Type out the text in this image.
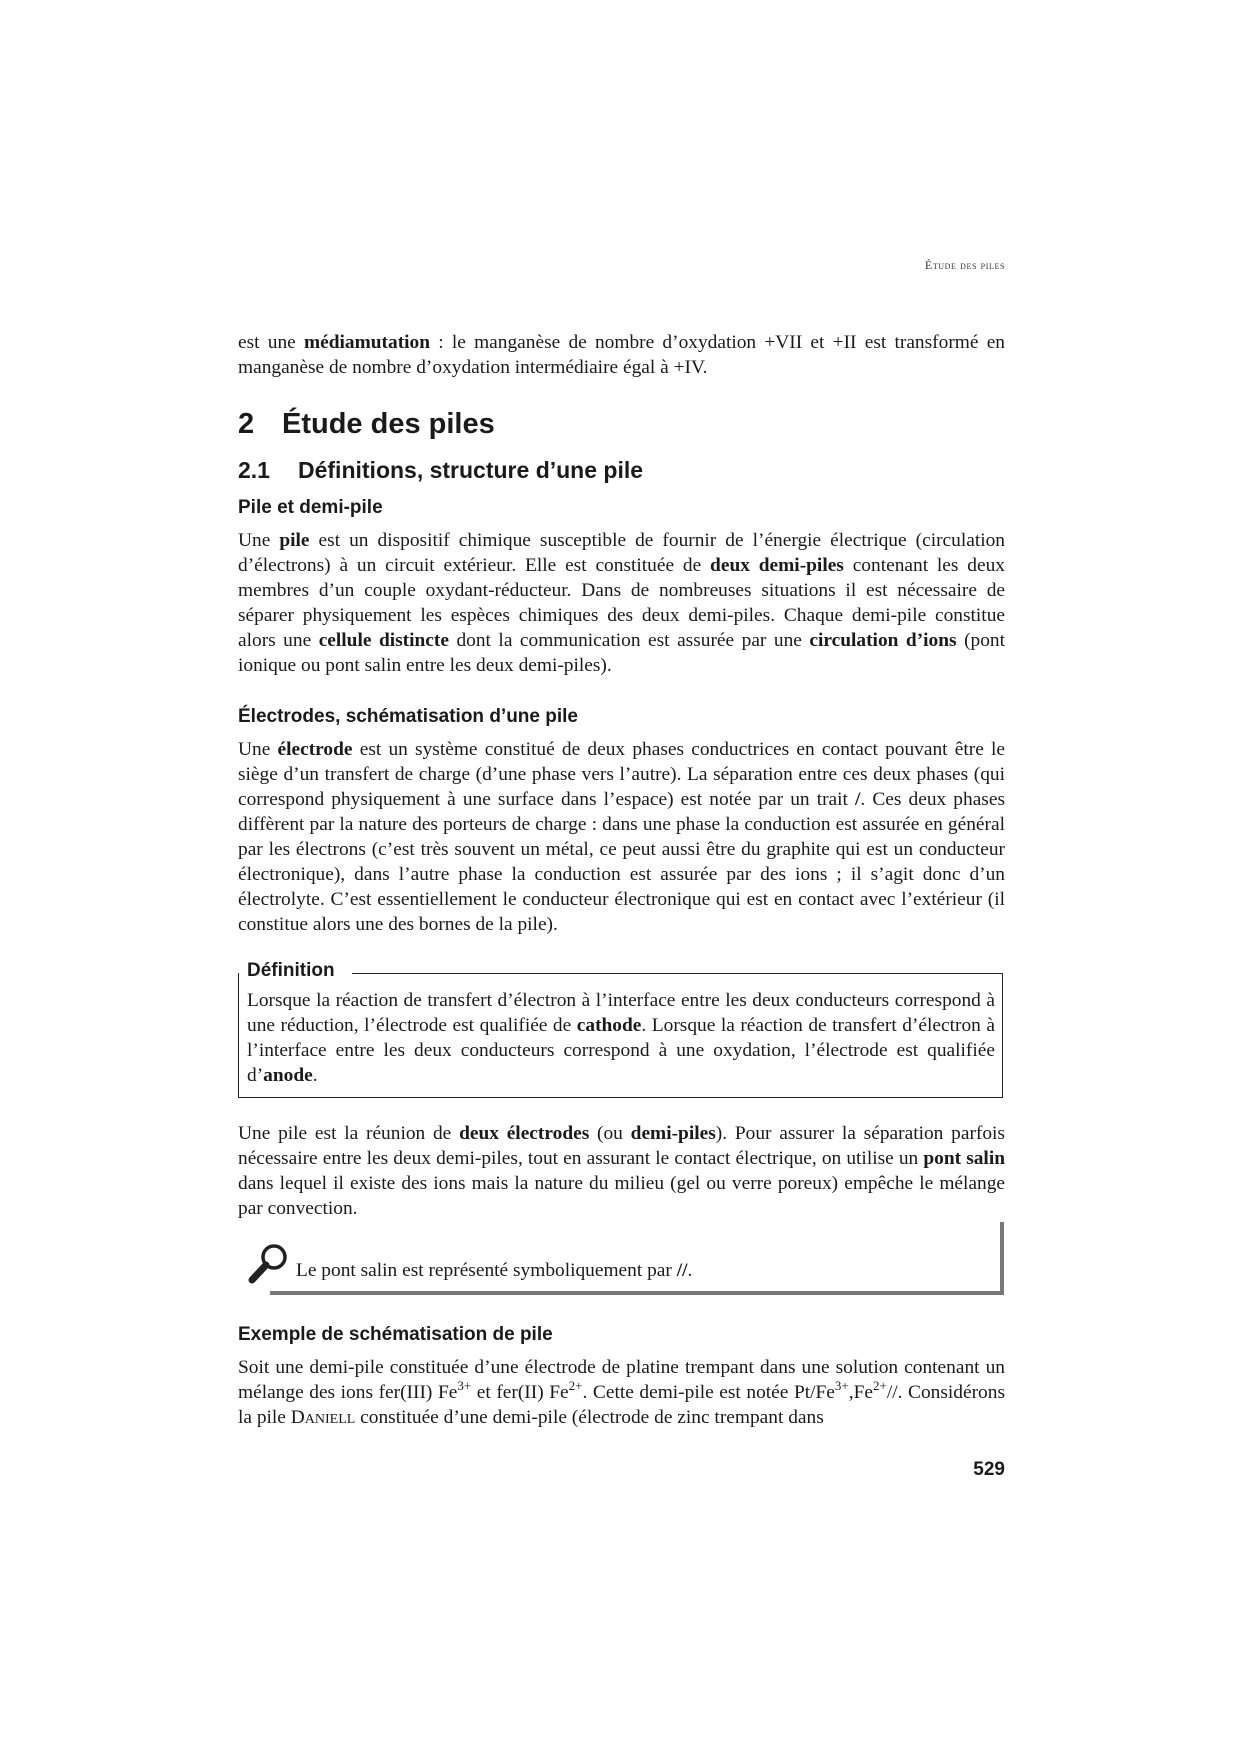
Étude des piles

est une médiamutation : le manganèse de nombre d’oxydation +VII et +II est transformé en manganèse de nombre d’oxydation intermédiaire égal à +IV.

2 Étude des piles
2.1 Définitions, structure d’une pile
Pile et demi-pile

Une pile est un dispositif chimique susceptible de fournir de l’énergie électrique (circulation d’électrons) à un circuit extérieur. Elle est constituée de deux demi-piles contenant les deux membres d’un couple oxydant-réducteur. Dans de nombreuses situations il est nécessaire de séparer physiquement les espèces chimiques des deux demi-piles. Chaque demi-pile constitue alors une cellule distincte dont la communication est assurée par une circulation d’ions (pont ionique ou pont salin entre les deux demi-piles).

Électrodes, schématisation d’une pile

Une électrode est un système constitué de deux phases conductrices en contact pouvant être le siège d’un transfert de charge (d’une phase vers l’autre). La séparation entre ces deux phases (qui correspond physiquement à une surface dans l’espace) est notée par un trait /. Ces deux phases diffèrent par la nature des porteurs de charge : dans une phase la conduction est assurée en général par les électrons (c’est très souvent un métal, ce peut aussi être du graphite qui est un conducteur électronique), dans l’autre phase la conduction est assurée par des ions ; il s’agit donc d’un électrolyte. C’est essentiellement le conducteur électronique qui est en contact avec l’extérieur (il constitue alors une des bornes de la pile).

Définition

Lorsque la réaction de transfert d’électron à l’interface entre les deux conducteurs correspond à une réduction, l’électrode est qualifiée de cathode. Lorsque la réaction de transfert d’électron à l’interface entre les deux conducteurs correspond à une oxydation, l’électrode est qualifiée d’anode.

Une pile est la réunion de deux électrodes (ou demi-piles). Pour assurer la séparation parfois nécessaire entre les deux demi-piles, tout en assurant le contact électrique, on utilise un pont salin dans lequel il existe des ions mais la nature du milieu (gel ou verre poreux) empêche le mélange par convection.

Le pont salin est représenté symboliquement par //.
Exemple de schématisation de pile

Soit une demi-pile constituée d’une électrode de platine trempant dans une solution contenant un mélange des ions fer(III) $Fe^{3+}$ et fer(II) $Fe^{2+}$. Cette demi-pile est notée $Pt/Fe^{3+},Fe^{2+}//$. Considérons la pile Daniell constituée d’une demi-pile (électrode de zinc trempant dans

529
